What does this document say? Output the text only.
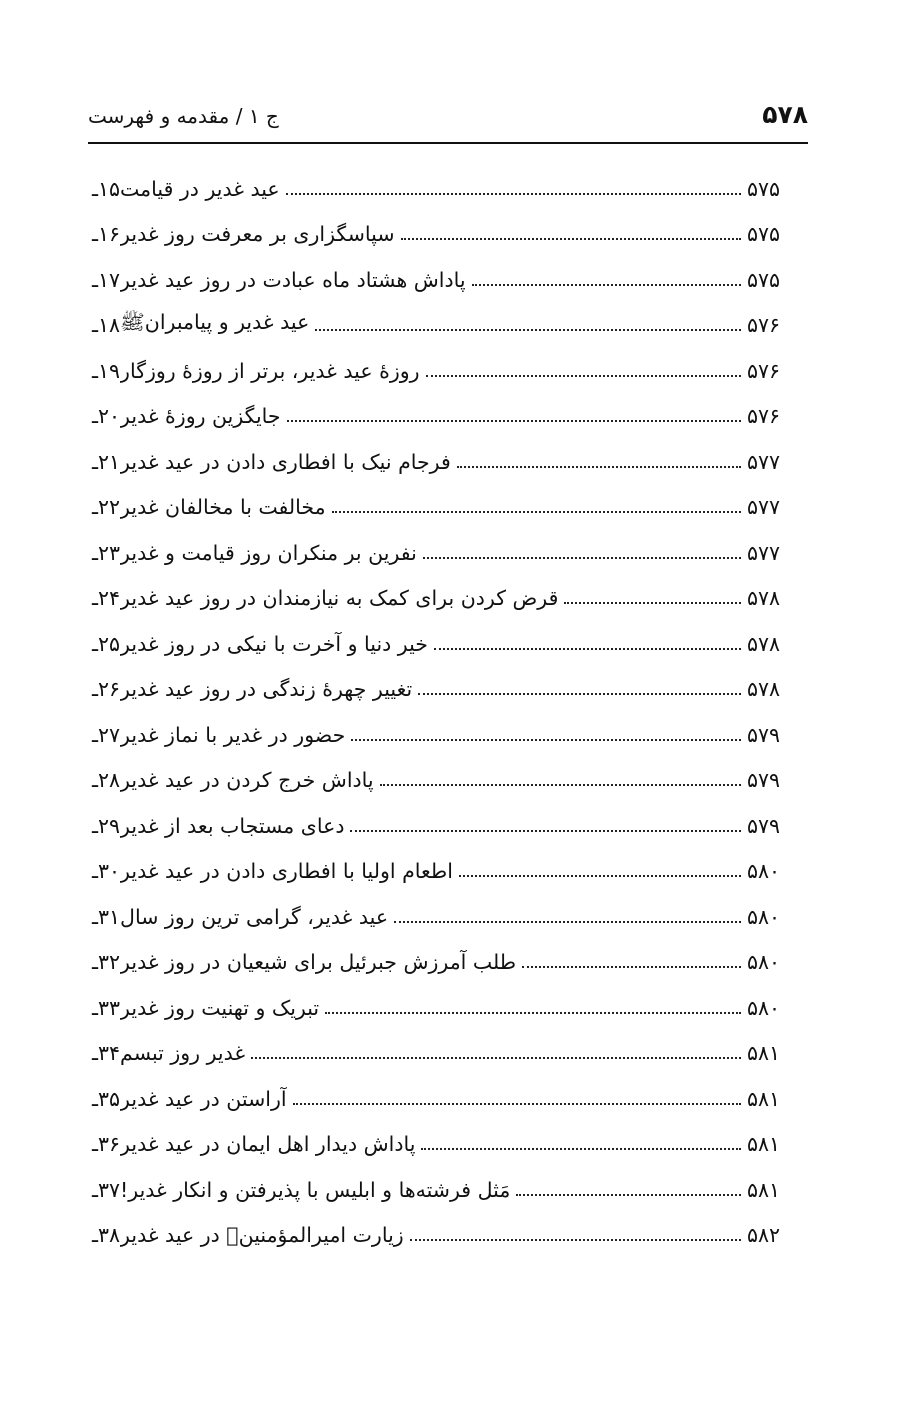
۵۷۸
ج ۱ / مقدمه و فهرست
۱۵ـ عید غدیر در قیامت	۵۷۵
۱۶ـ سپاسگزاری بر معرفت روز غدیر	۵۷۵
۱۷ـ پاداش هشتاد ماه عبادت در روز عید غدیر	۵۷۵
۱۸ـ عید غدیر و پیامبرانﷺ	۵۷۶
۱۹ـ روزهٔ عید غدیر، برتر از روزهٔ روزگار	۵۷۶
۲۰ـ جایگزین روزهٔ غدیر	۵۷۶
۲۱ـ فرجام نیک با افطاری دادن در عید غدیر	۵۷۷
۲۲ـ مخالفت با مخالفان غدیر	۵۷۷
۲۳ـ نفرین بر منکران روز قیامت و غدیر	۵۷۷
۲۴ـ قرض کردن برای کمک به نیازمندان در روز عید غدیر	۵۷۸
۲۵ـ خیر دنیا و آخرت با نیکی در روز غدیر	۵۷۸
۲۶ـ تغییر چهرهٔ زندگی در روز عید غدیر	۵۷۸
۲۷ـ حضور در غدیر با نماز غدیر	۵۷۹
۲۸ـ پاداش خرج کردن در عید غدیر	۵۷۹
۲۹ـ دعای مستجاب بعد از غدیر	۵۷۹
۳۰ـ اطعام اولیا با افطاری دادن در عید غدیر	۵۸۰
۳۱ـ عید غدیر، گرامی ترین روز سال	۵۸۰
۳۲ـ طلب آمرزش جبرئیل برای شیعیان در روز غدیر	۵۸۰
۳۳ـ تبریک و تهنیت روز غدیر	۵۸۰
۳۴ـ غدیر روز تبسم	۵۸۱
۳۵ـ آراستن در عید غدیر	۵۸۱
۳۶ـ پاداش دیدار اهل ایمان در عید غدیر	۵۸۱
۳۷ـ مَثل فرشته‌ها و ابلیس با پذیرفتن و انکار غدیر!	۵۸۱
۳۸ـ زیارت امیرالمؤمنینؑ در عید غدیر	۵۸۲
